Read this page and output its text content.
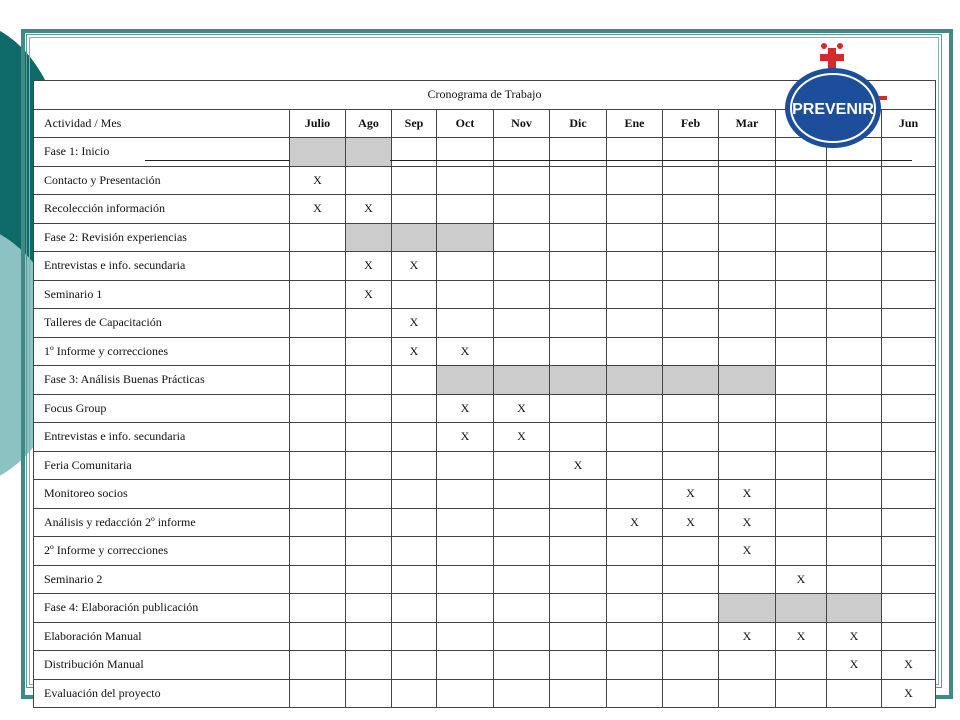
Cronograma de Trabajo												
Actividad / Mes	Julio	Ago	Sep	Oct	Nov	Dic	Ene	Feb	Mar			Jun
Fase 1: Inicio												
Contacto y Presentación	X											
Recolección información	X	X										
Fase 2: Revisión experiencias												
Entrevistas e info. secundaria		X	X									
Seminario 1		X										
Talleres de Capacitación			X									
1º Informe y correcciones			X	X								
Fase 3: Análisis Buenas Prácticas												
Focus Group				X	X							
Entrevistas e info. secundaria				X	X							
Feria Comunitaria						X						
Monitoreo socios								X	X			
Análisis y redacción 2º informe							X	X	X			
2º Informe y correcciones									X			
Seminario 2										X		
Fase 4: Elaboración publicación												
Elaboración Manual									X	X	X	
Distribución Manual											X	X
Evaluación del proyecto												X
PREVENIR
